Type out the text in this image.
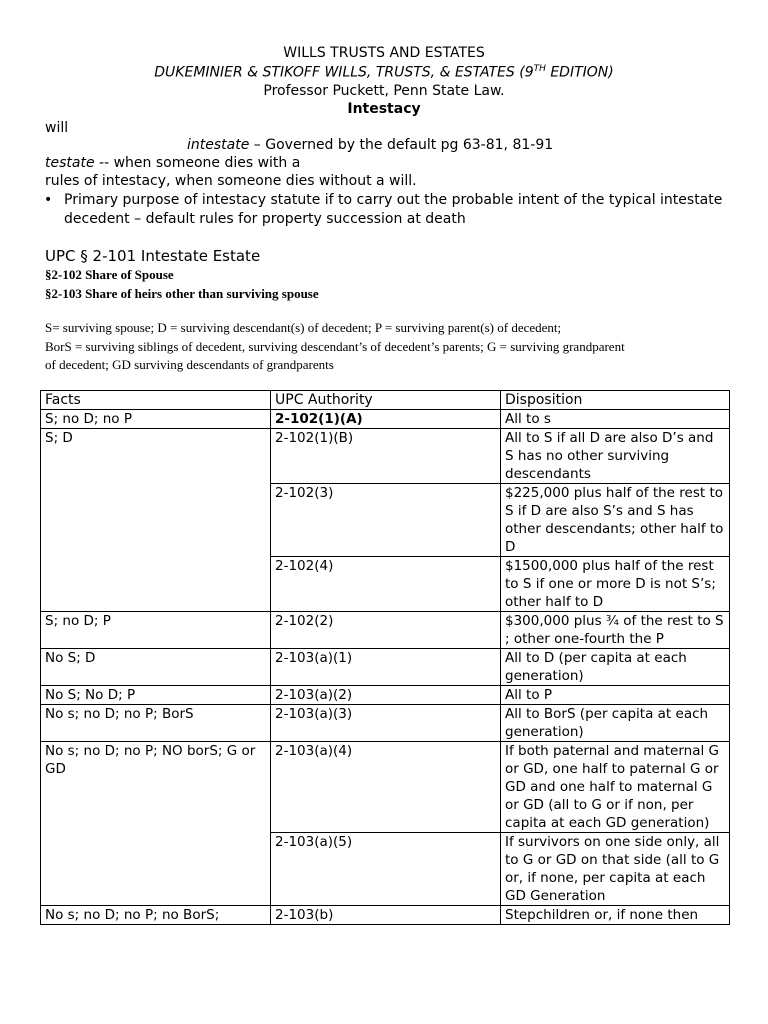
WILLS TRUSTS AND ESTATES
DUKEMINIER & STIKOFF WILLS, TRUSTS, & ESTATES (9TH EDITION)
Professor Puckett, Penn State Law.
Intestacy
will
intestate – Governed by the default pg 63-81, 81-91
testate -- when someone dies with a
rules of intestacy, when someone dies without a will.
• Primary purpose of intestacy statute if to carry out the probable intent of the typical intestate decedent – default rules for property succession at death
UPC § 2-101 Intestate Estate
§2-102 Share of Spouse
§2-103 Share of heirs other than surviving spouse
S= surviving spouse; D = surviving descendant(s) of decedent; P = surviving parent(s) of decedent;
BorS = surviving siblings of decedent, surviving descendant’s of decedent’s parents; G = surviving grandparent
of decedent; GD surviving descendants of grandparents
Facts	UPC Authority	Disposition
S; no D; no P	2-102(1)(A)	All to s
S; D	2-102(1)(B)	All to S if all D are also D’s and S has no other surviving descendants
	2-102(3)	$225,000 plus half of the rest to S if D are also S’s and S has other descendants; other half to D
	2-102(4)	$1500,000 plus half of the rest to S if one or more D is not S’s; other half to D
S; no D; P	2-102(2)	$300,000 plus ¾ of the rest to S ; other one-fourth the P
No S; D	2-103(a)(1)	All to D (per capita at each generation)
No S; No D; P	2-103(a)(2)	All to P
No s; no D; no P; BorS	2-103(a)(3)	All to BorS (per capita at each generation)
No s; no D; no P; NO borS; G or GD	2-103(a)(4)	If both paternal and maternal G or GD, one half to paternal G or GD and one half to maternal G or GD (all to G or if non, per capita at each GD generation)
	2-103(a)(5)	If survivors on one side only, all to G or GD on that side (all to G or, if none, per capita at each GD Generation
No s; no D; no P; no BorS;	2-103(b)	Stepchildren or, if none then
